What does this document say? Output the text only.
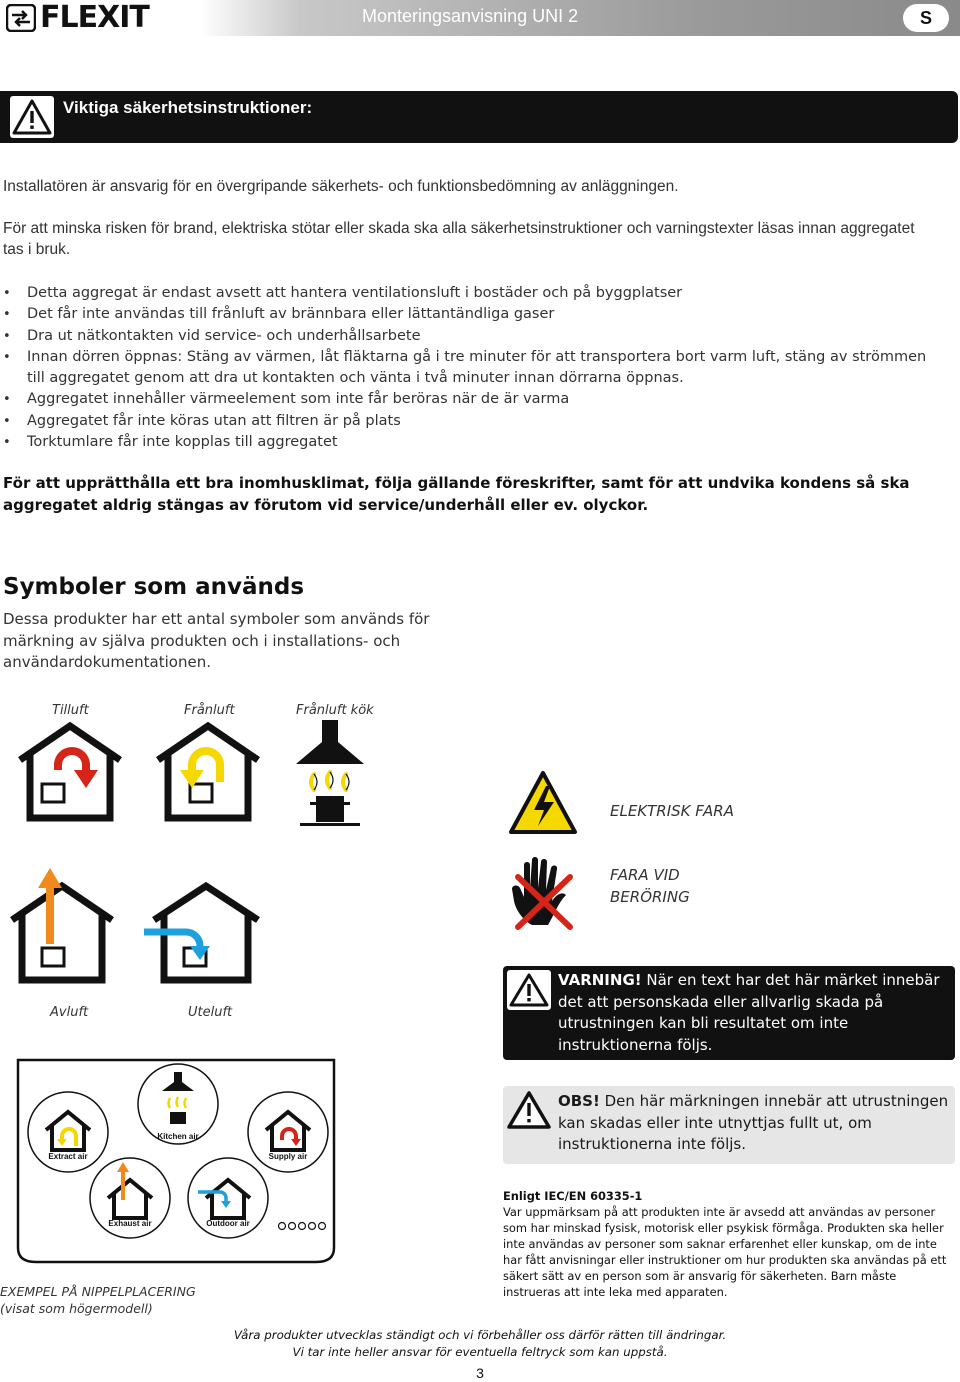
FLEXIT	Monteringsanvisning UNI 2	S
Viktiga säkerhetsinstruktioner:
Installatören är ansvarig för en övergripande säkerhets- och funktionsbedömning av anläggningen.
För att minska risken för brand, elektriska stötar eller skada ska alla säkerhetsinstruktioner och varningstexter läsas innan aggregatet tas i bruk.
• Detta aggregat är endast avsett att hantera ventilationsluft i bostäder och på byggplatser
• Det får inte användas till frånluft av brännbara eller lättantändliga gaser
• Dra ut nätkontakten vid service- och underhållsarbete
• Innan dörren öppnas: Stäng av värmen, låt fläktarna gå i tre minuter för att transportera bort varm luft, stäng av strömmen till aggregatet genom att dra ut kontakten och vänta i två minuter innan dörrarna öppnas.
• Aggregatet innehåller värmeelement som inte får beröras när de är varma
• Aggregatet får inte köras utan att filtren är på plats
• Torktumlare får inte kopplas till aggregatet
För att upprätthålla ett bra inomhusklimat, följa gällande föreskrifter, samt för att undvika kondens så ska aggregatet aldrig stängas av förutom vid service/underhåll eller ev. olyckor.
Symboler som används
Dessa produkter har ett antal symboler som används för märkning av själva produkten och i installations- och användardokumentationen.
Tilluft	Frånluft	Frånluft kök
ELEKTRISK FARA
FARA VID
BERÖRING
Avluft	Uteluft
VARNING! När en text har det här märket innebär det att personskada eller allvarlig skada på utrustningen kan bli resultatet om inte instruktionerna följs.
OBS! Den här märkningen innebär att utrustningen kan skadas eller inte utnyttjas fullt ut, om instruktionerna inte följs.
Extract air
Kitchen air
Supply air
Exhaust air	Outdoor air
EXEMPEL PÅ NIPPELPLACERING
(visat som högermodell)
Enligt IEC/EN 60335-1
Var uppmärksam på att produkten inte är avsedd att användas av personer som har minskad fysisk, motorisk eller psykisk förmåga. Produkten ska heller inte användas av personer som saknar erfarenhet eller kunskap, om de inte har fått anvisningar eller instruktioner om hur produkten ska användas på ett säkert sätt av en person som är ansvarig för säkerheten. Barn måste instrueras att inte leka med apparaten.
Våra produkter utvecklas ständigt och vi förbehåller oss därför rätten till ändringar.
Vi tar inte heller ansvar för eventuella feltryck som kan uppstå.
3
